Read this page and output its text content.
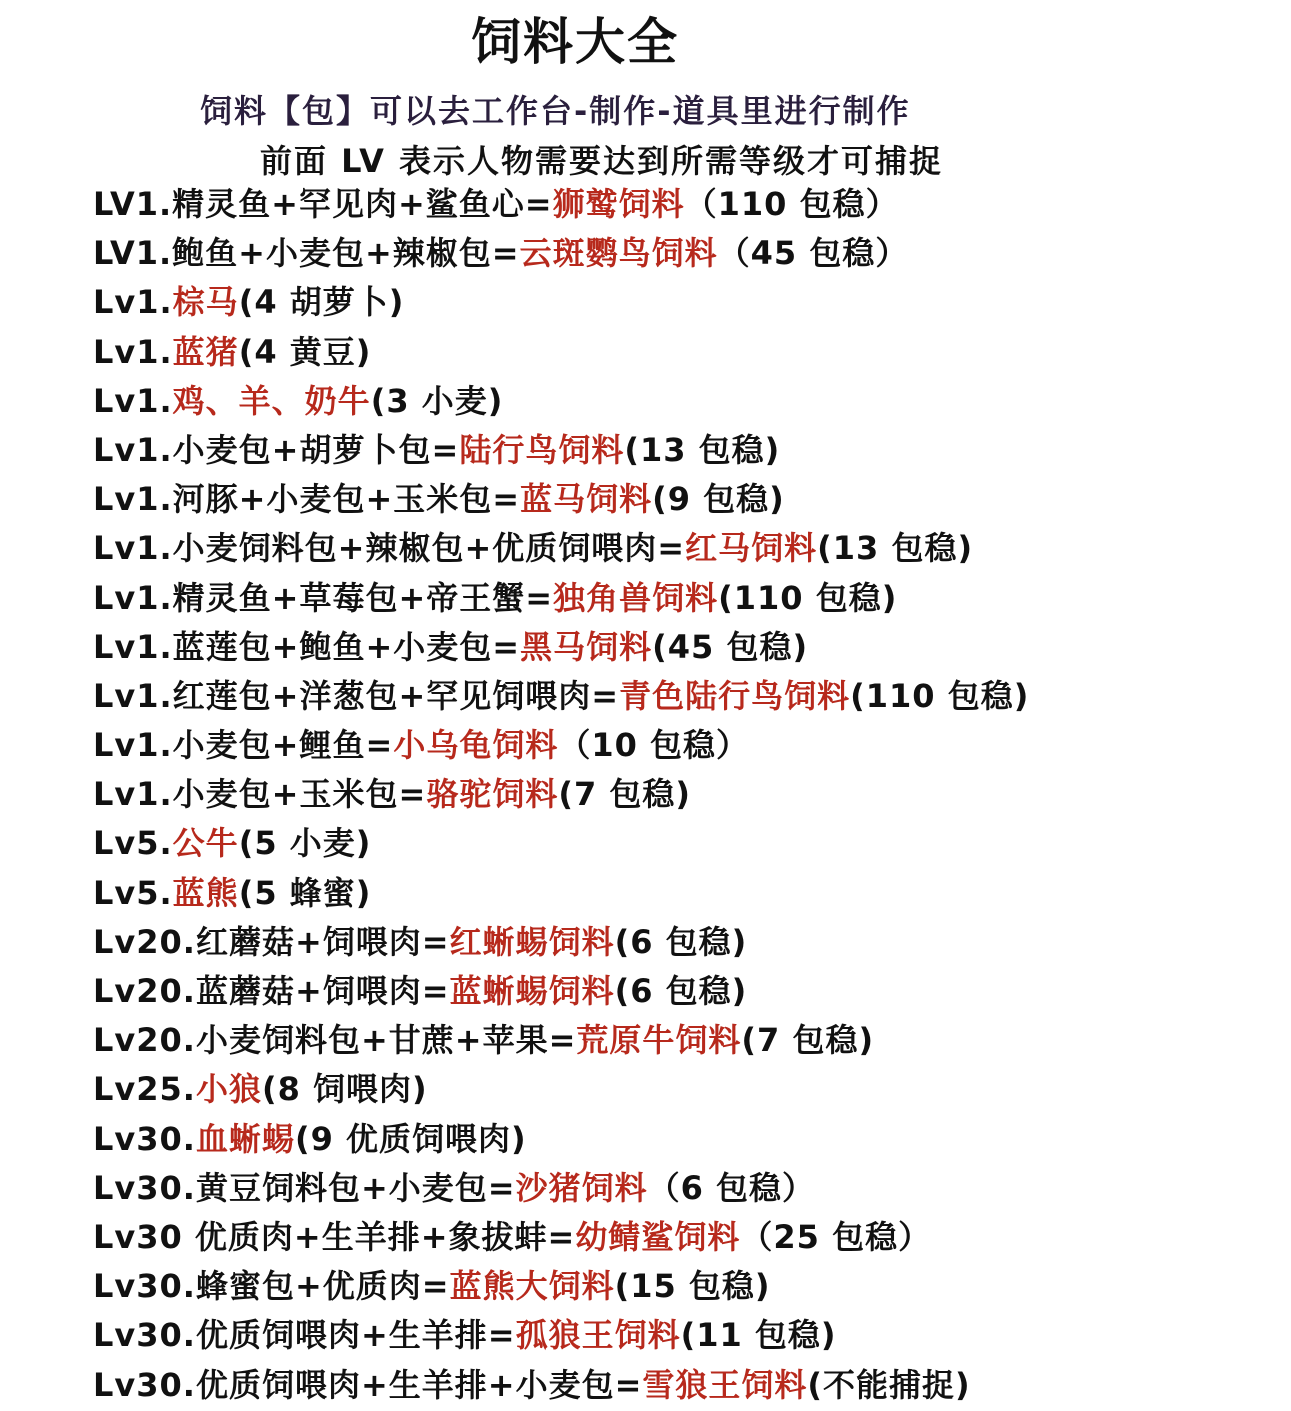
饲料大全
饲料【包】可以去工作台-制作-道具里进行制作
前面 LV 表示人物需要达到所需等级才可捕捉
LV1.精灵鱼+罕见肉+鲨鱼心=狮鹫饲料（110 包稳）
LV1.鲍鱼+小麦包+辣椒包=云斑鹦鸟饲料（45 包稳）
Lv1.棕马(4 胡萝卜)
Lv1.蓝猪(4 黄豆)
Lv1.鸡、羊、奶牛(3 小麦)
Lv1.小麦包+胡萝卜包=陆行鸟饲料(13 包稳)
Lv1.河豚+小麦包+玉米包=蓝马饲料(9 包稳)
Lv1.小麦饲料包+辣椒包+优质饲喂肉=红马饲料(13 包稳)
Lv1.精灵鱼+草莓包+帝王蟹=独角兽饲料(110 包稳)
Lv1.蓝莲包+鲍鱼+小麦包=黑马饲料(45 包稳)
Lv1.红莲包+洋葱包+罕见饲喂肉=青色陆行鸟饲料(110 包稳)
Lv1.小麦包+鲤鱼=小乌龟饲料（10 包稳）
Lv1.小麦包+玉米包=骆驼饲料(7 包稳)
Lv5.公牛(5 小麦)
Lv5.蓝熊(5 蜂蜜)
Lv20.红蘑菇+饲喂肉=红蜥蜴饲料(6 包稳)
Lv20.蓝蘑菇+饲喂肉=蓝蜥蜴饲料(6 包稳)
Lv20.小麦饲料包+甘蔗+苹果=荒原牛饲料(7 包稳)
Lv25.小狼(8 饲喂肉)
Lv30.血蜥蜴(9 优质饲喂肉)
Lv30.黄豆饲料包+小麦包=沙猪饲料（6 包稳）
Lv30 优质肉+生羊排+象拔蚌=幼鲭鲨饲料（25 包稳）
Lv30.蜂蜜包+优质肉=蓝熊大饲料(15 包稳)
Lv30.优质饲喂肉+生羊排=孤狼王饲料(11 包稳)
Lv30.优质饲喂肉+生羊排+小麦包=雪狼王饲料(不能捕捉)
